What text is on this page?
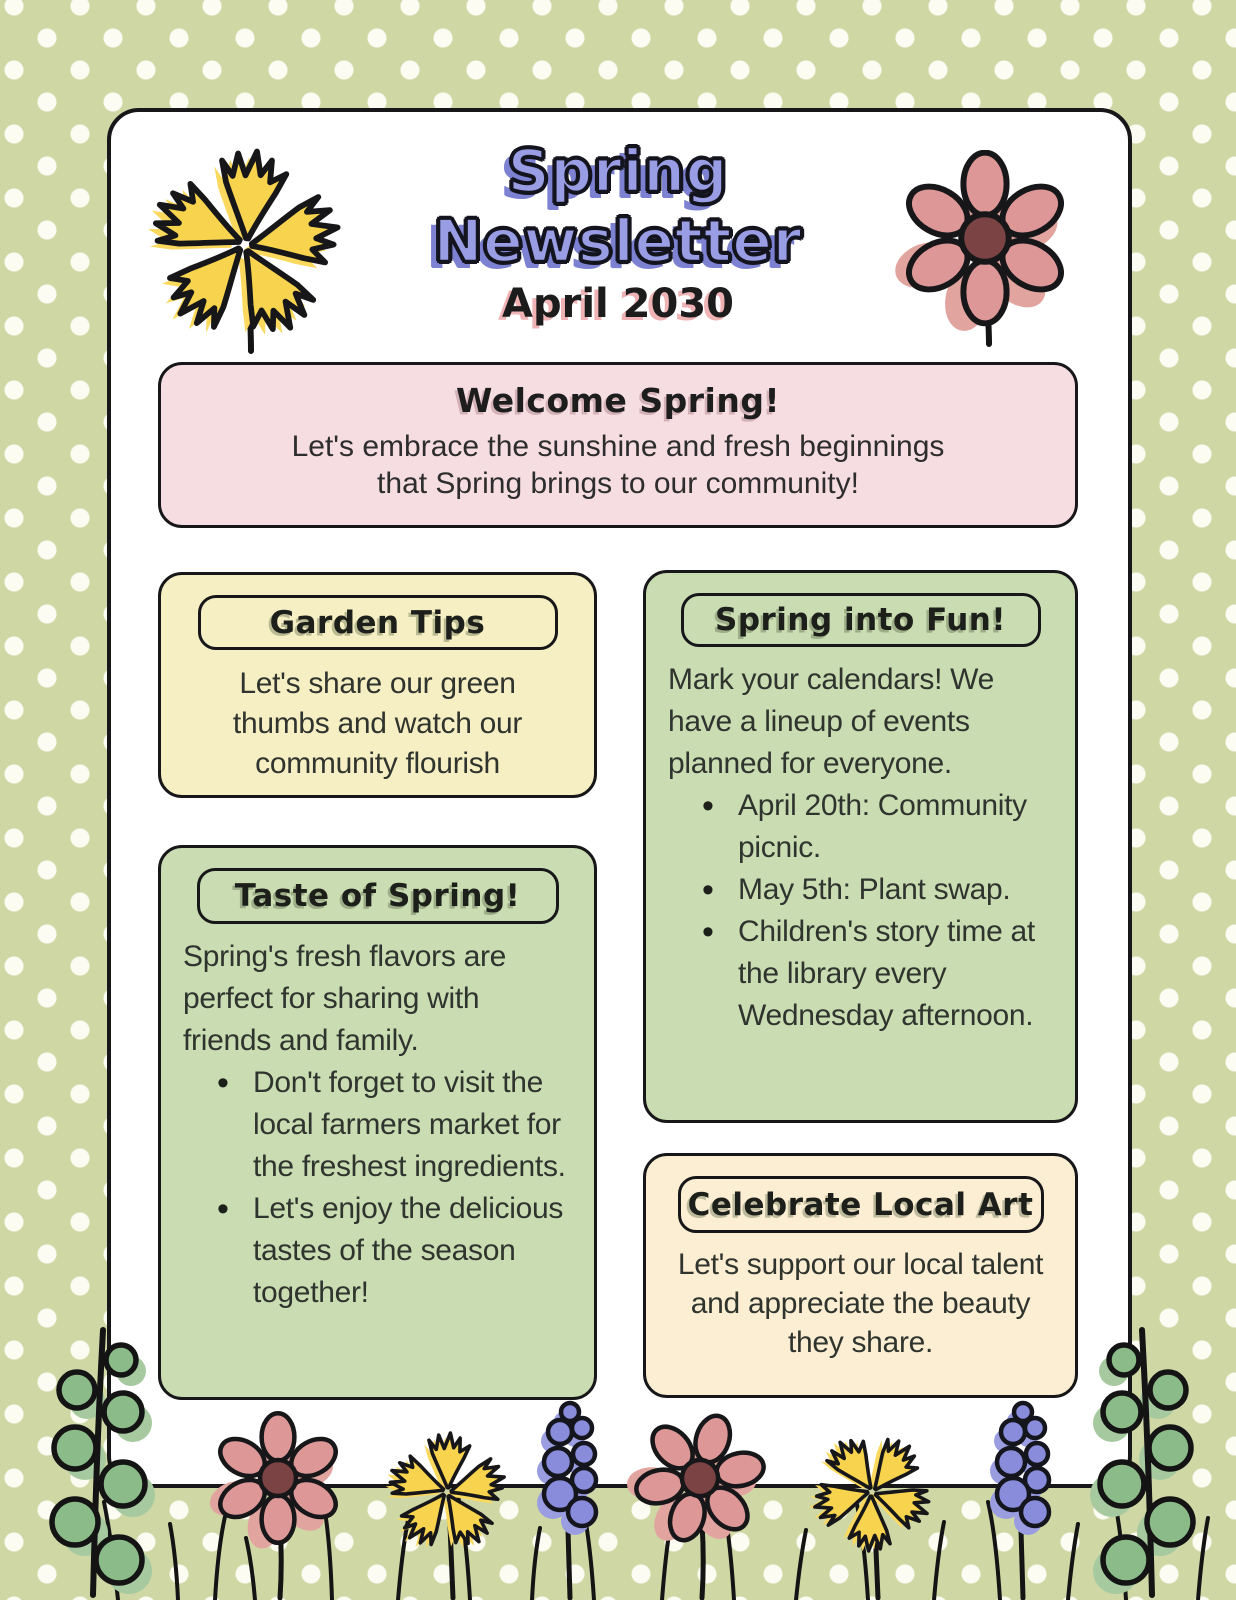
Spring
Newsletter
April 2030
Welcome Spring!
Let's embrace the sunshine and fresh beginnings
that Spring brings to our community!
Garden Tips
Let's share our green thumbs and watch our community flourish
Taste of Spring!
Spring's fresh flavors are perfect for sharing with friends and family.
• Don't forget to visit the local farmers market for the freshest ingredients.
• Let's enjoy the delicious tastes of the season together!
Spring into Fun!
Mark your calendars! We have a lineup of events planned for everyone.
• April 20th: Community picnic.
• May 5th: Plant swap.
• Children's story time at the library every Wednesday afternoon.
Celebrate Local Art
Let's support our local talent and appreciate the beauty they share.
